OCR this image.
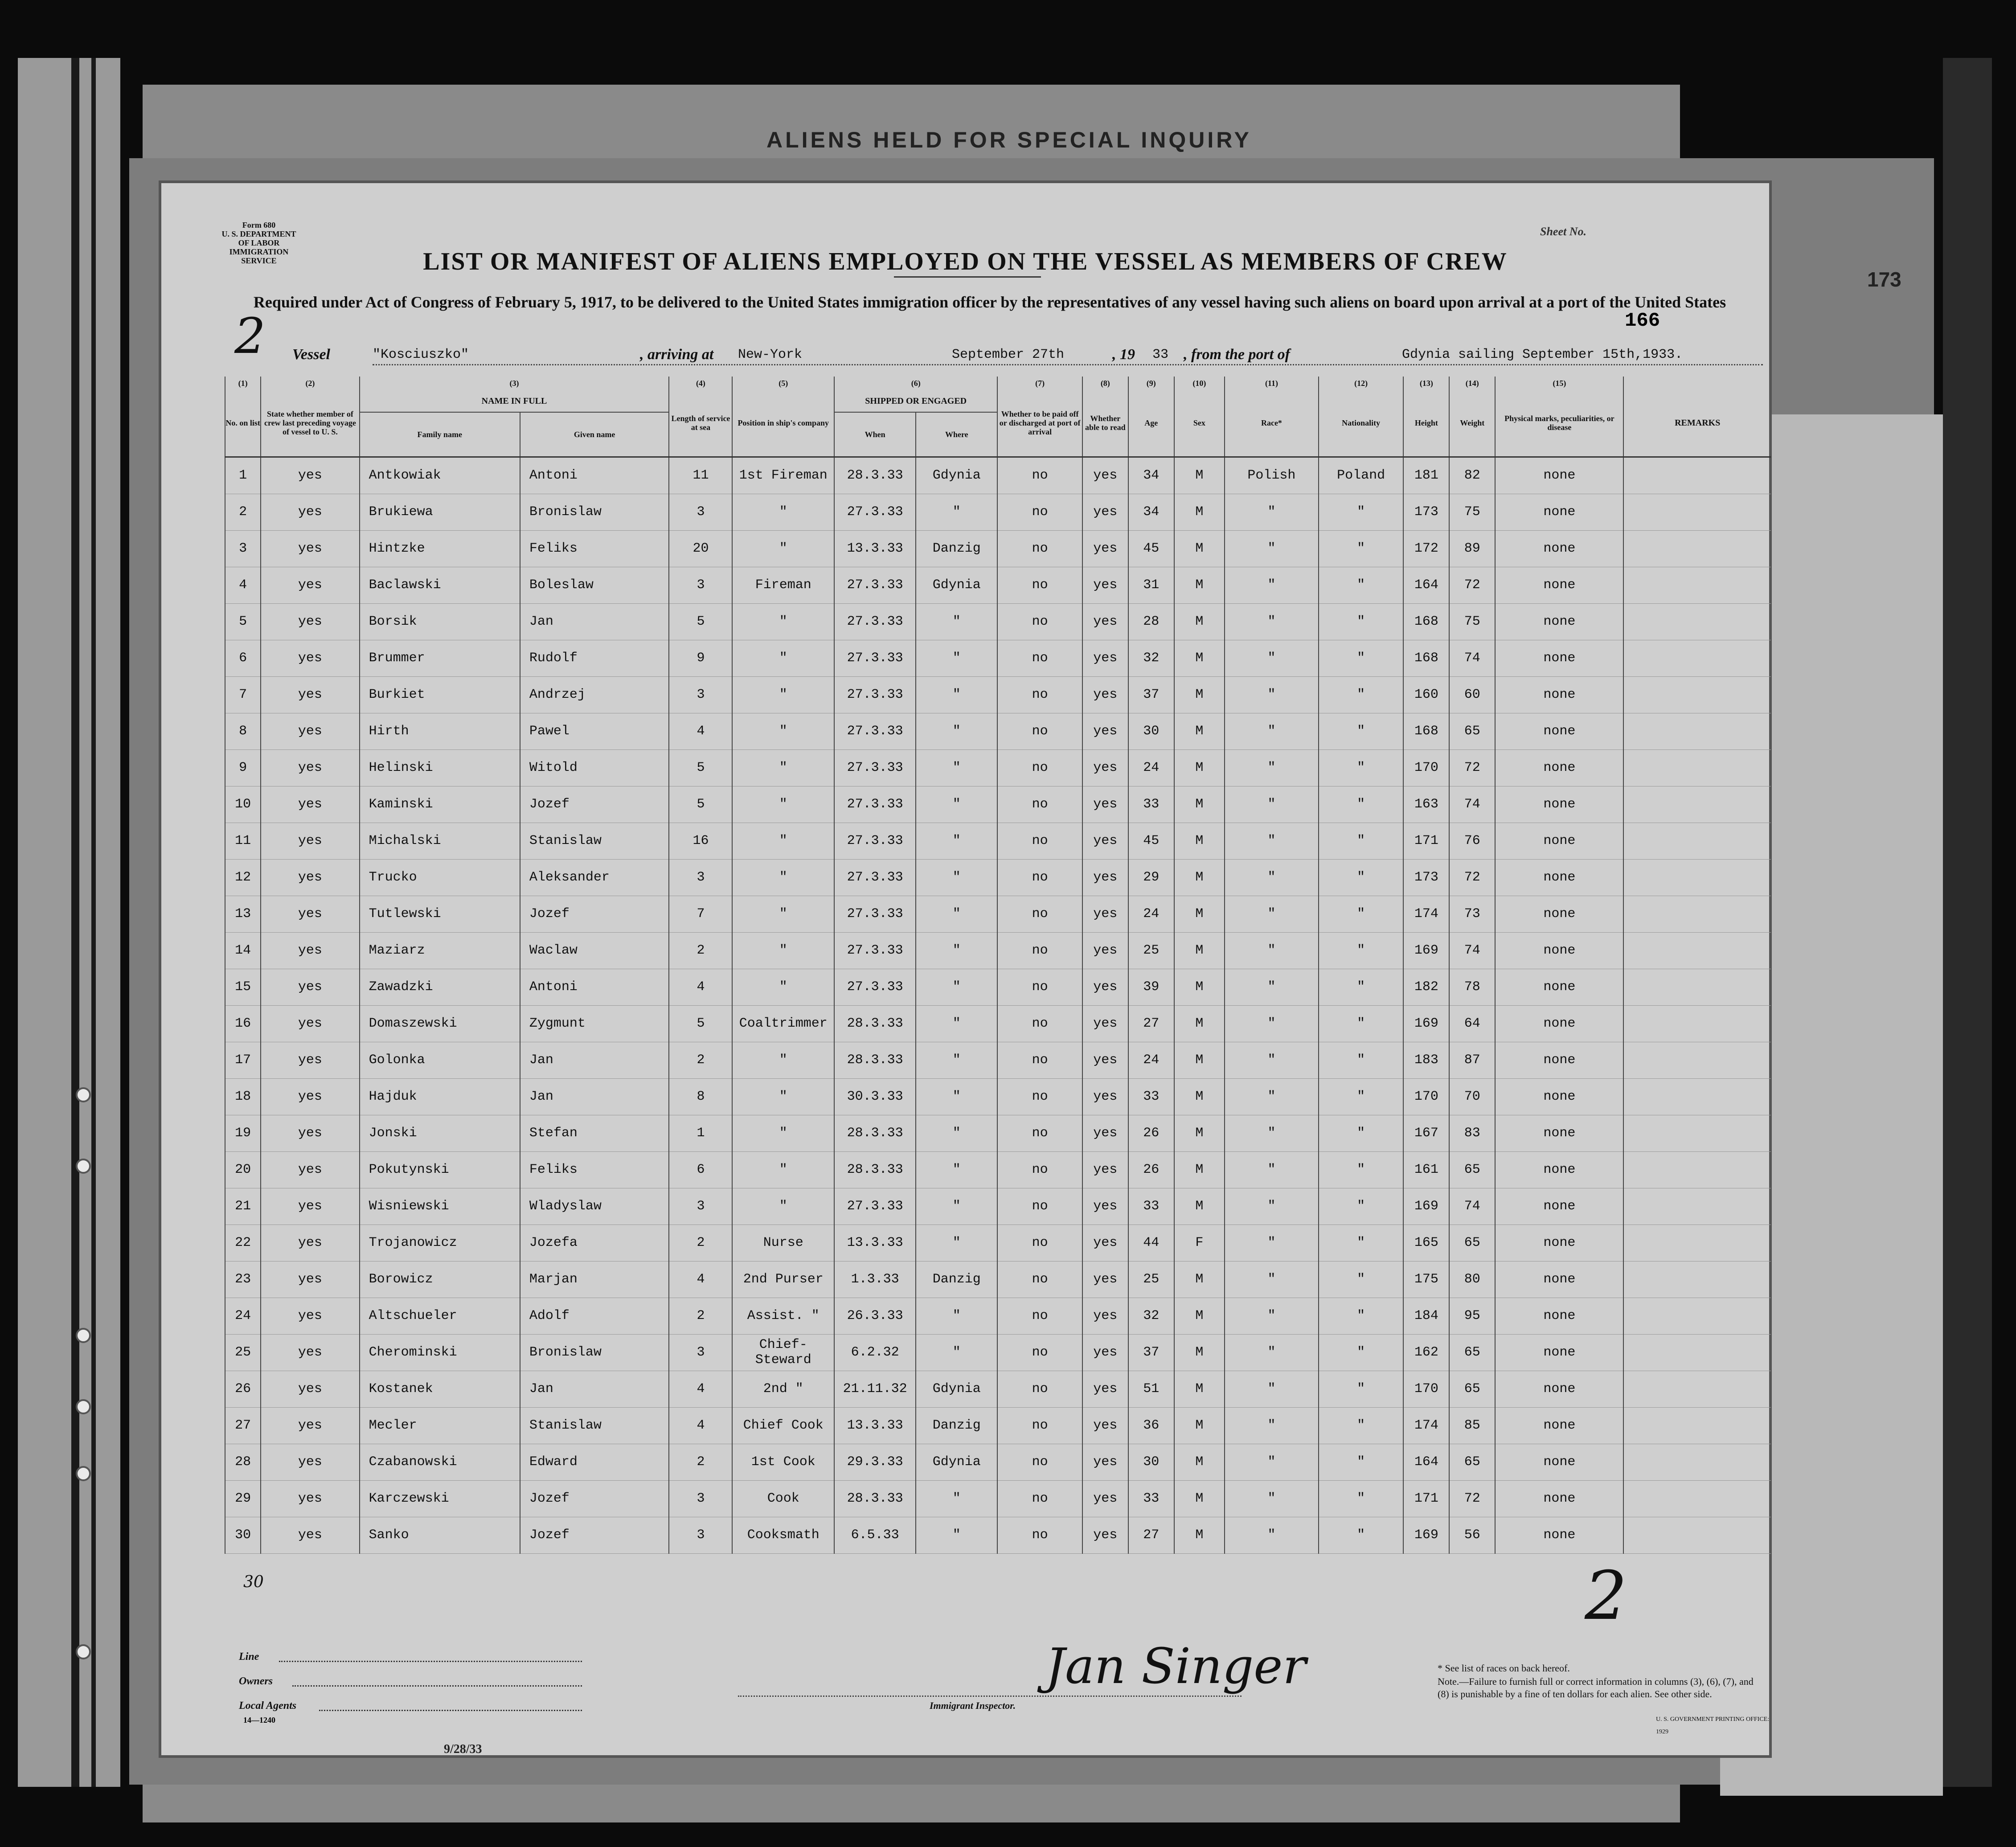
ALIENS HELD FOR SPECIAL INQUIRY
173
Form 680
U. S. DEPARTMENT OF LABOR
IMMIGRATION SERVICE	LIST OR MANIFEST OF ALIENS EMPLOYED ON THE VESSEL AS MEMBERS OF CREW
Sheet No.
Required under Act of Congress of February 5, 1917, to be delivered to the United States immigration officer by the representatives of any vessel having such aliens on board upon arrival at a port of the United States
2	166
Vessel	"Kosciuszko"	, arriving at New-York	September 27th	, 19 33 , from the port of	Gdynia sailing September 15th,1933.
(1)	(2)	(3)		(4)	(5)	(6)		(7)	(8)	(9)	(10)	(11)	(12)	(13)	(14)	(15)	
No. on list	State whether member of crew last preceding voyage of vessel to U. S.	NAME IN FULL		Length of service at sea	Position in ship's company	SHIPPED OR ENGAGED		Whether to be paid off or discharged at port of arrival	Whether able to read	Age	Sex	Race*	Nationality	Height	Weight	Physical marks, peculiarities, or disease	REMARKS
		Family name	Given name			When	Where										
1	yes	Antkowiak	Antoni	11	1st Fireman	28.3.33	Gdynia	no	yes	34	M	Polish	Poland	181	82	none	
2	yes	Brukiewa	Bronislaw	3	"	27.3.33	"	no	yes	34	M	"	"	173	75	none	
3	yes	Hintzke	Feliks	20	"	13.3.33	Danzig	no	yes	45	M	"	"	172	89	none	
4	yes	Baclawski	Boleslaw	3	Fireman	27.3.33	Gdynia	no	yes	31	M	"	"	164	72	none	
5	yes	Borsik	Jan	5	"	27.3.33	"	no	yes	28	M	"	"	168	75	none	
6	yes	Brummer	Rudolf	9	"	27.3.33	"	no	yes	32	M	"	"	168	74	none	
7	yes	Burkiet	Andrzej	3	"	27.3.33	"	no	yes	37	M	"	"	160	60	none	
8	yes	Hirth	Pawel	4	"	27.3.33	"	no	yes	30	M	"	"	168	65	none	
9	yes	Helinski	Witold	5	"	27.3.33	"	no	yes	24	M	"	"	170	72	none	
10	yes	Kaminski	Jozef	5	"	27.3.33	"	no	yes	33	M	"	"	163	74	none	
11	yes	Michalski	Stanislaw	16	"	27.3.33	"	no	yes	45	M	"	"	171	76	none	
12	yes	Trucko	Aleksander	3	"	27.3.33	"	no	yes	29	M	"	"	173	72	none	
13	yes	Tutlewski	Jozef	7	"	27.3.33	"	no	yes	24	M	"	"	174	73	none	
14	yes	Maziarz	Waclaw	2	"	27.3.33	"	no	yes	25	M	"	"	169	74	none	
15	yes	Zawadzki	Antoni	4	"	27.3.33	"	no	yes	39	M	"	"	182	78	none	
16	yes	Domaszewski	Zygmunt	5	Coaltrimmer	28.3.33	"	no	yes	27	M	"	"	169	64	none	
17	yes	Golonka	Jan	2	"	28.3.33	"	no	yes	24	M	"	"	183	87	none	
18	yes	Hajduk	Jan	8	"	30.3.33	"	no	yes	33	M	"	"	170	70	none	
19	yes	Jonski	Stefan	1	"	28.3.33	"	no	yes	26	M	"	"	167	83	none	
20	yes	Pokutynski	Feliks	6	"	28.3.33	"	no	yes	26	M	"	"	161	65	none	
21	yes	Wisniewski	Wladyslaw	3	"	27.3.33	"	no	yes	33	M	"	"	169	74	none	
22	yes	Trojanowicz	Jozefa	2	Nurse	13.3.33	"	no	yes	44	F	"	"	165	65	none	
23	yes	Borowicz	Marjan	4	2nd Purser	1.3.33	Danzig	no	yes	25	M	"	"	175	80	none	
24	yes	Altschueler	Adolf	2	Assist. "	26.3.33	"	no	yes	32	M	"	"	184	95	none	
25	yes	Cherominski	Bronislaw	3	Chief-Steward	6.2.32	"	no	yes	37	M	"	"	162	65	none	
26	yes	Kostanek	Jan	4	2nd "	21.11.32	Gdynia	no	yes	51	M	"	"	170	65	none	
27	yes	Mecler	Stanislaw	4	Chief Cook	13.3.33	Danzig	no	yes	36	M	"	"	174	85	none	
28	yes	Czabanowski	Edward	2	1st Cook	29.3.33	Gdynia	no	yes	30	M	"	"	164	65	none	
29	yes	Karczewski	Jozef	3	Cook	28.3.33	"	no	yes	33	M	"	"	171	72	none	
30	yes	Sanko	Jozef	3	Cooksmath	6.5.33	"	no	yes	27	M	"	"	169	56	none	
30	2
Line
Owners
Local Agents
14—1240
Jan Singer
Immigrant Inspector.
* See list of races on back hereof.
Note.—Failure to furnish full or correct information in columns (3), (6), (7), and (8) is punishable by a fine of ten dollars for each alien. See other side.
U. S. GOVERNMENT PRINTING OFFICE: 1929
9/28/33
